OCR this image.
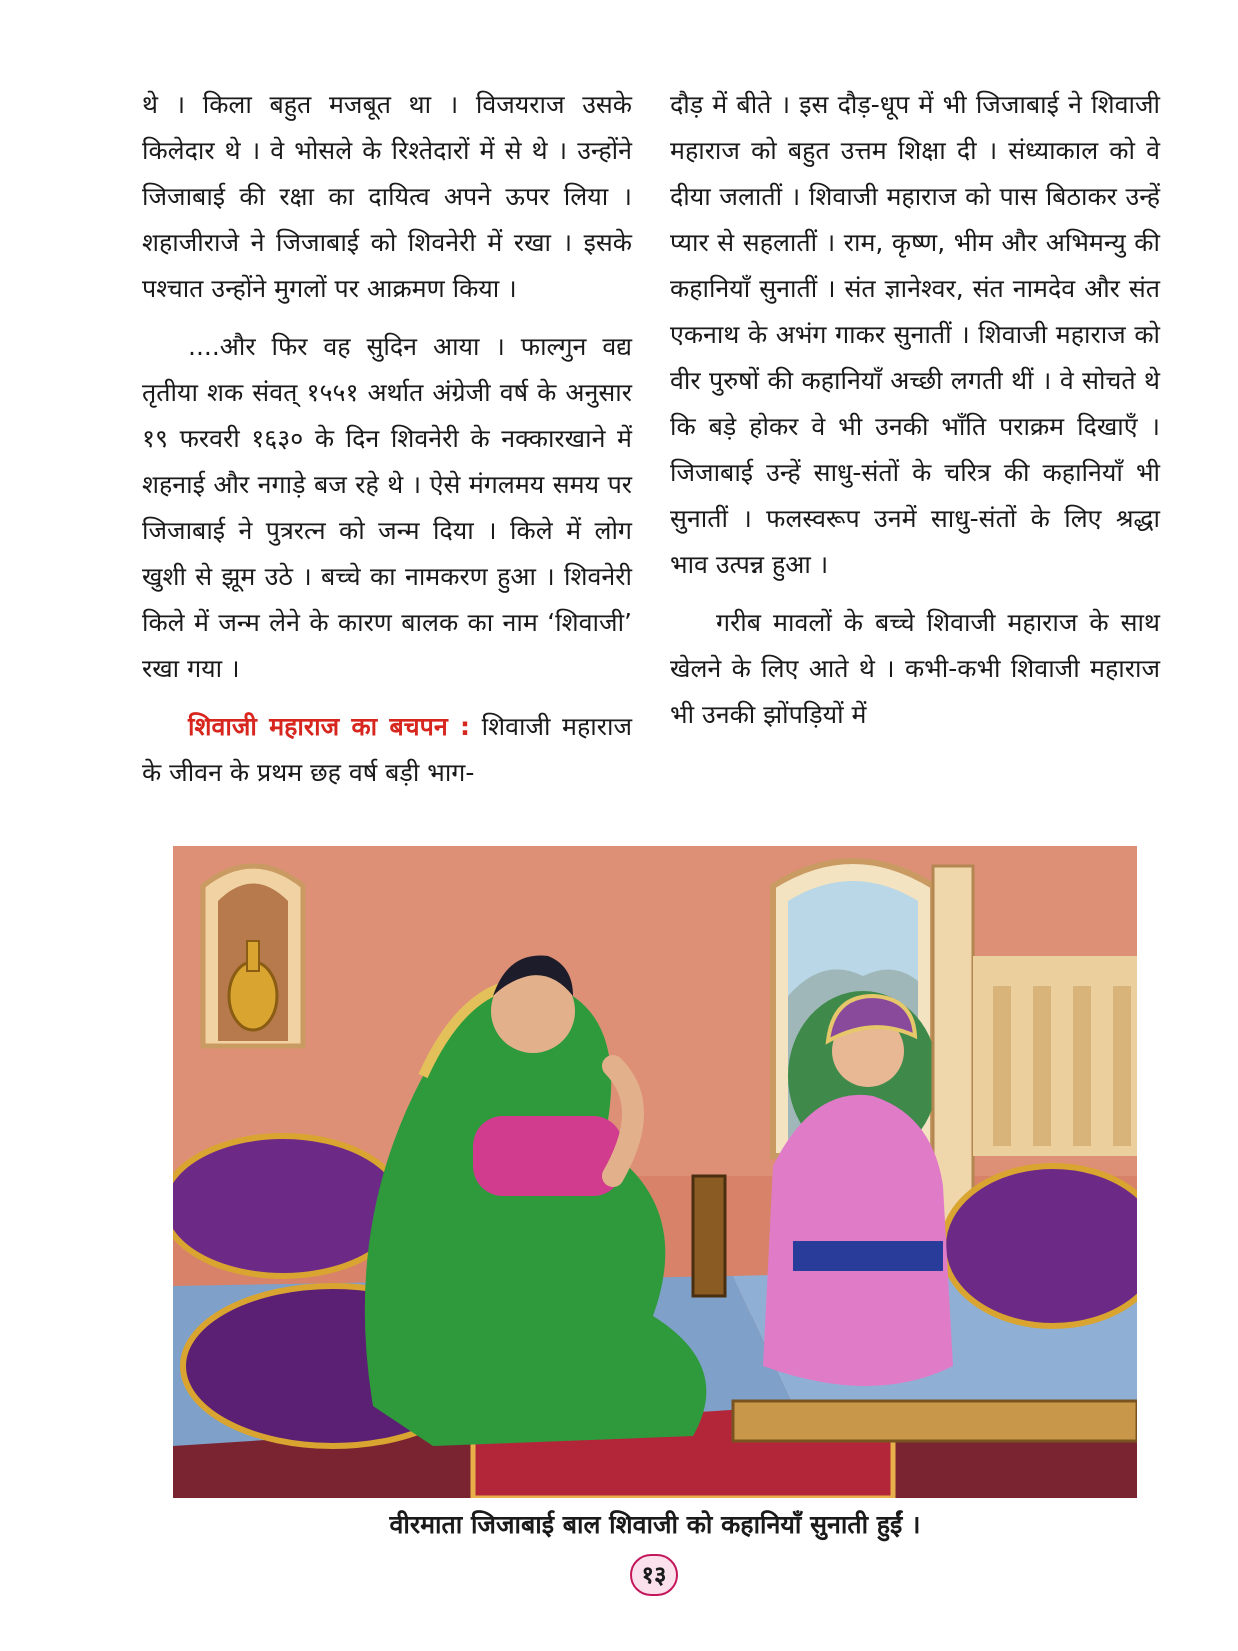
थे । किला बहुत मजबूत था । विजयराज उसके किलेदार थे । वे भोसले के रिश्तेदारों में से थे । उन्होंने जिजाबाई की रक्षा का दायित्व अपने ऊपर लिया । शहाजीराजे ने जिजाबाई को शिवनेरी में रखा । इसके पश्चात उन्होंने मुगलों पर आक्रमण किया ।

....और फिर वह सुदिन आया । फाल्गुन वद्य तृतीया शक संवत् १५५१ अर्थात अंग्रेजी वर्ष के अनुसार १९ फरवरी १६३० के दिन शिवनेरी के नक्कारखाने में शहनाई और नगाड़े बज रहे थे । ऐसे मंगलमय समय पर जिजाबाई ने पुत्ररत्न को जन्म दिया । किले में लोग खुशी से झूम उठे । बच्चे का नामकरण हुआ । शिवनेरी किले में जन्म लेने के कारण बालक का नाम ‘शिवाजी’ रखा गया ।

शिवाजी महाराज का बचपन : शिवाजी महाराज के जीवन के प्रथम छह वर्ष बड़ी भाग-

दौड़ में बीते । इस दौड़-धूप में भी जिजाबाई ने शिवाजी महाराज को बहुत उत्तम शिक्षा दी । संध्याकाल को वे दीया जलातीं । शिवाजी महाराज को पास बिठाकर उन्हें प्यार से सहलातीं । राम, कृष्ण, भीम और अभिमन्यु की कहानियाँ सुनातीं । संत ज्ञानेश्वर, संत नामदेव और संत एकनाथ के अभंग गाकर सुनातीं । शिवाजी महाराज को वीर पुरुषों की कहानियाँ अच्छी लगती थीं । वे सोचते थे कि बड़े होकर वे भी उनकी भाँति पराक्रम दिखाएँ । जिजाबाई उन्हें साधु-संतों के चरित्र की कहानियाँ भी सुनातीं । फलस्वरूप उनमें साधु-संतों के लिए श्रद्धा भाव उत्पन्न हुआ ।

गरीब मावलों के बच्चे शिवाजी महाराज के साथ खेलने के लिए आते थे । कभी-कभी शिवाजी महाराज भी उनकी झोंपड़ियों में

वीरमाता जिजाबाई बाल शिवाजी को कहानियाँ सुनाती हुईं ।
१३
